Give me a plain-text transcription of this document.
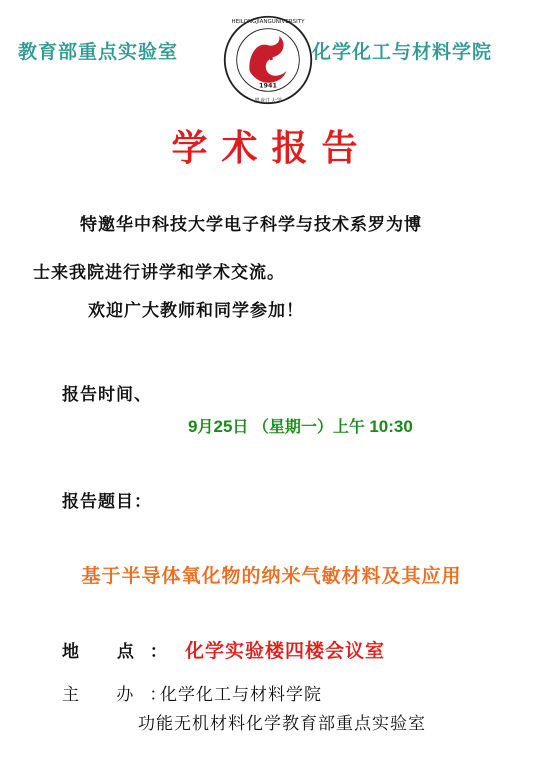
教育部重点实验室
1941
HEILONGJIANGUNIVERSITY
黑龙江大学
化学化工与材料学院
学术报告
特邀华中科技大学电子科学与技术系罗为博
士来我院进行讲学和学术交流。
欢迎广大教师和同学参加！
报告时间、
9月25日 （星期一）上午 10:30
报告题目：
基于半导体氧化物的纳米气敏材料及其应用
地 点： 化学实验楼四楼会议室
主 办：
化学化工与材料学院
功能无机材料化学教育部重点实验室
